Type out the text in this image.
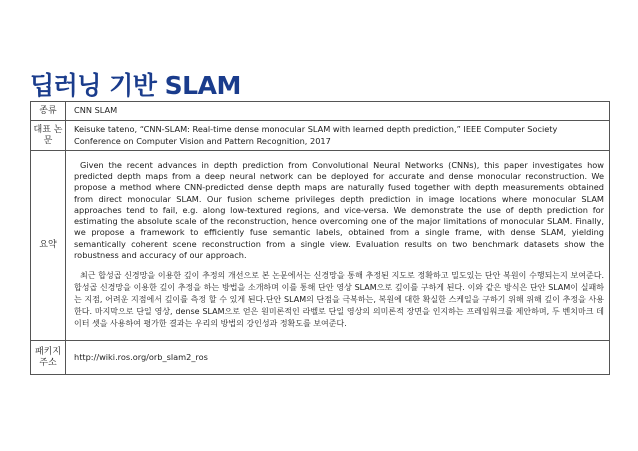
딥러닝 기반 SLAM
종류	CNN SLAM
대표 논문	Keisuke tateno, “CNN-SLAM: Real-time dense monocular SLAM with learned depth prediction,” IEEE Computer Society Conference on Computer Vision and Pattern Recognition, 2017
요약	Given the recent advances in depth prediction from Convolutional Neural Networks (CNNs), this paper investigates how predicted depth maps from a deep neural network can be deployed for accurate and dense monocular reconstruction. We propose a method where CNN-predicted dense depth maps are naturally fused together with depth measurements obtained from direct monocular SLAM. Our fusion scheme privileges depth prediction in image locations where monocular SLAM approaches tend to fail, e.g. along low-textured regions, and vice-versa. We demonstrate the use of depth prediction for estimating the absolute scale of the reconstruction, hence overcoming one of the major limitations of monocular SLAM. Finally, we propose a framework to efficiently fuse semantic labels, obtained from a single frame, with dense SLAM, yielding semantically coherent scene reconstruction from a single view. Evaluation results on two benchmark datasets show the robustness and accuracy of our approach.

최근 합성곱 신경망을 이용한 깊이 추정의 개선으로 본 논문에서는 신경망을 통해 추정된 지도로 정확하고 밀도있는 단안 복원이 수행되는지 보여준다. 합성곱 신경망을 이용한 깊이 추정을 하는 방법을 소개하며 이를 통해 단안 영상 SLAM으로 깊이를 구하게 된다. 이와 같은 방식은 단안 SLAM이 실패하는 지점, 어려운 지점에서 깊이를 측정 할 수 있게 된다.단안 SLAM의 단점을 극복하는, 복원에 대한 확실한 스케일을 구하기 위해 위해 깊이 추정을 사용한다. 마지막으로 단일 영상, dense SLAM으로 얻은 원미론적인 라벨로 단일 영상의 의미론적 장면을 인지하는 프레임워크를 제안하며, 두 벤치마크 데이터 셋을 사용하여 평가한 결과는 우리의 방법의 강인성과 정확도를 보여준다.

패키지 주소	http://wiki.ros.org/orb_slam2_ros
